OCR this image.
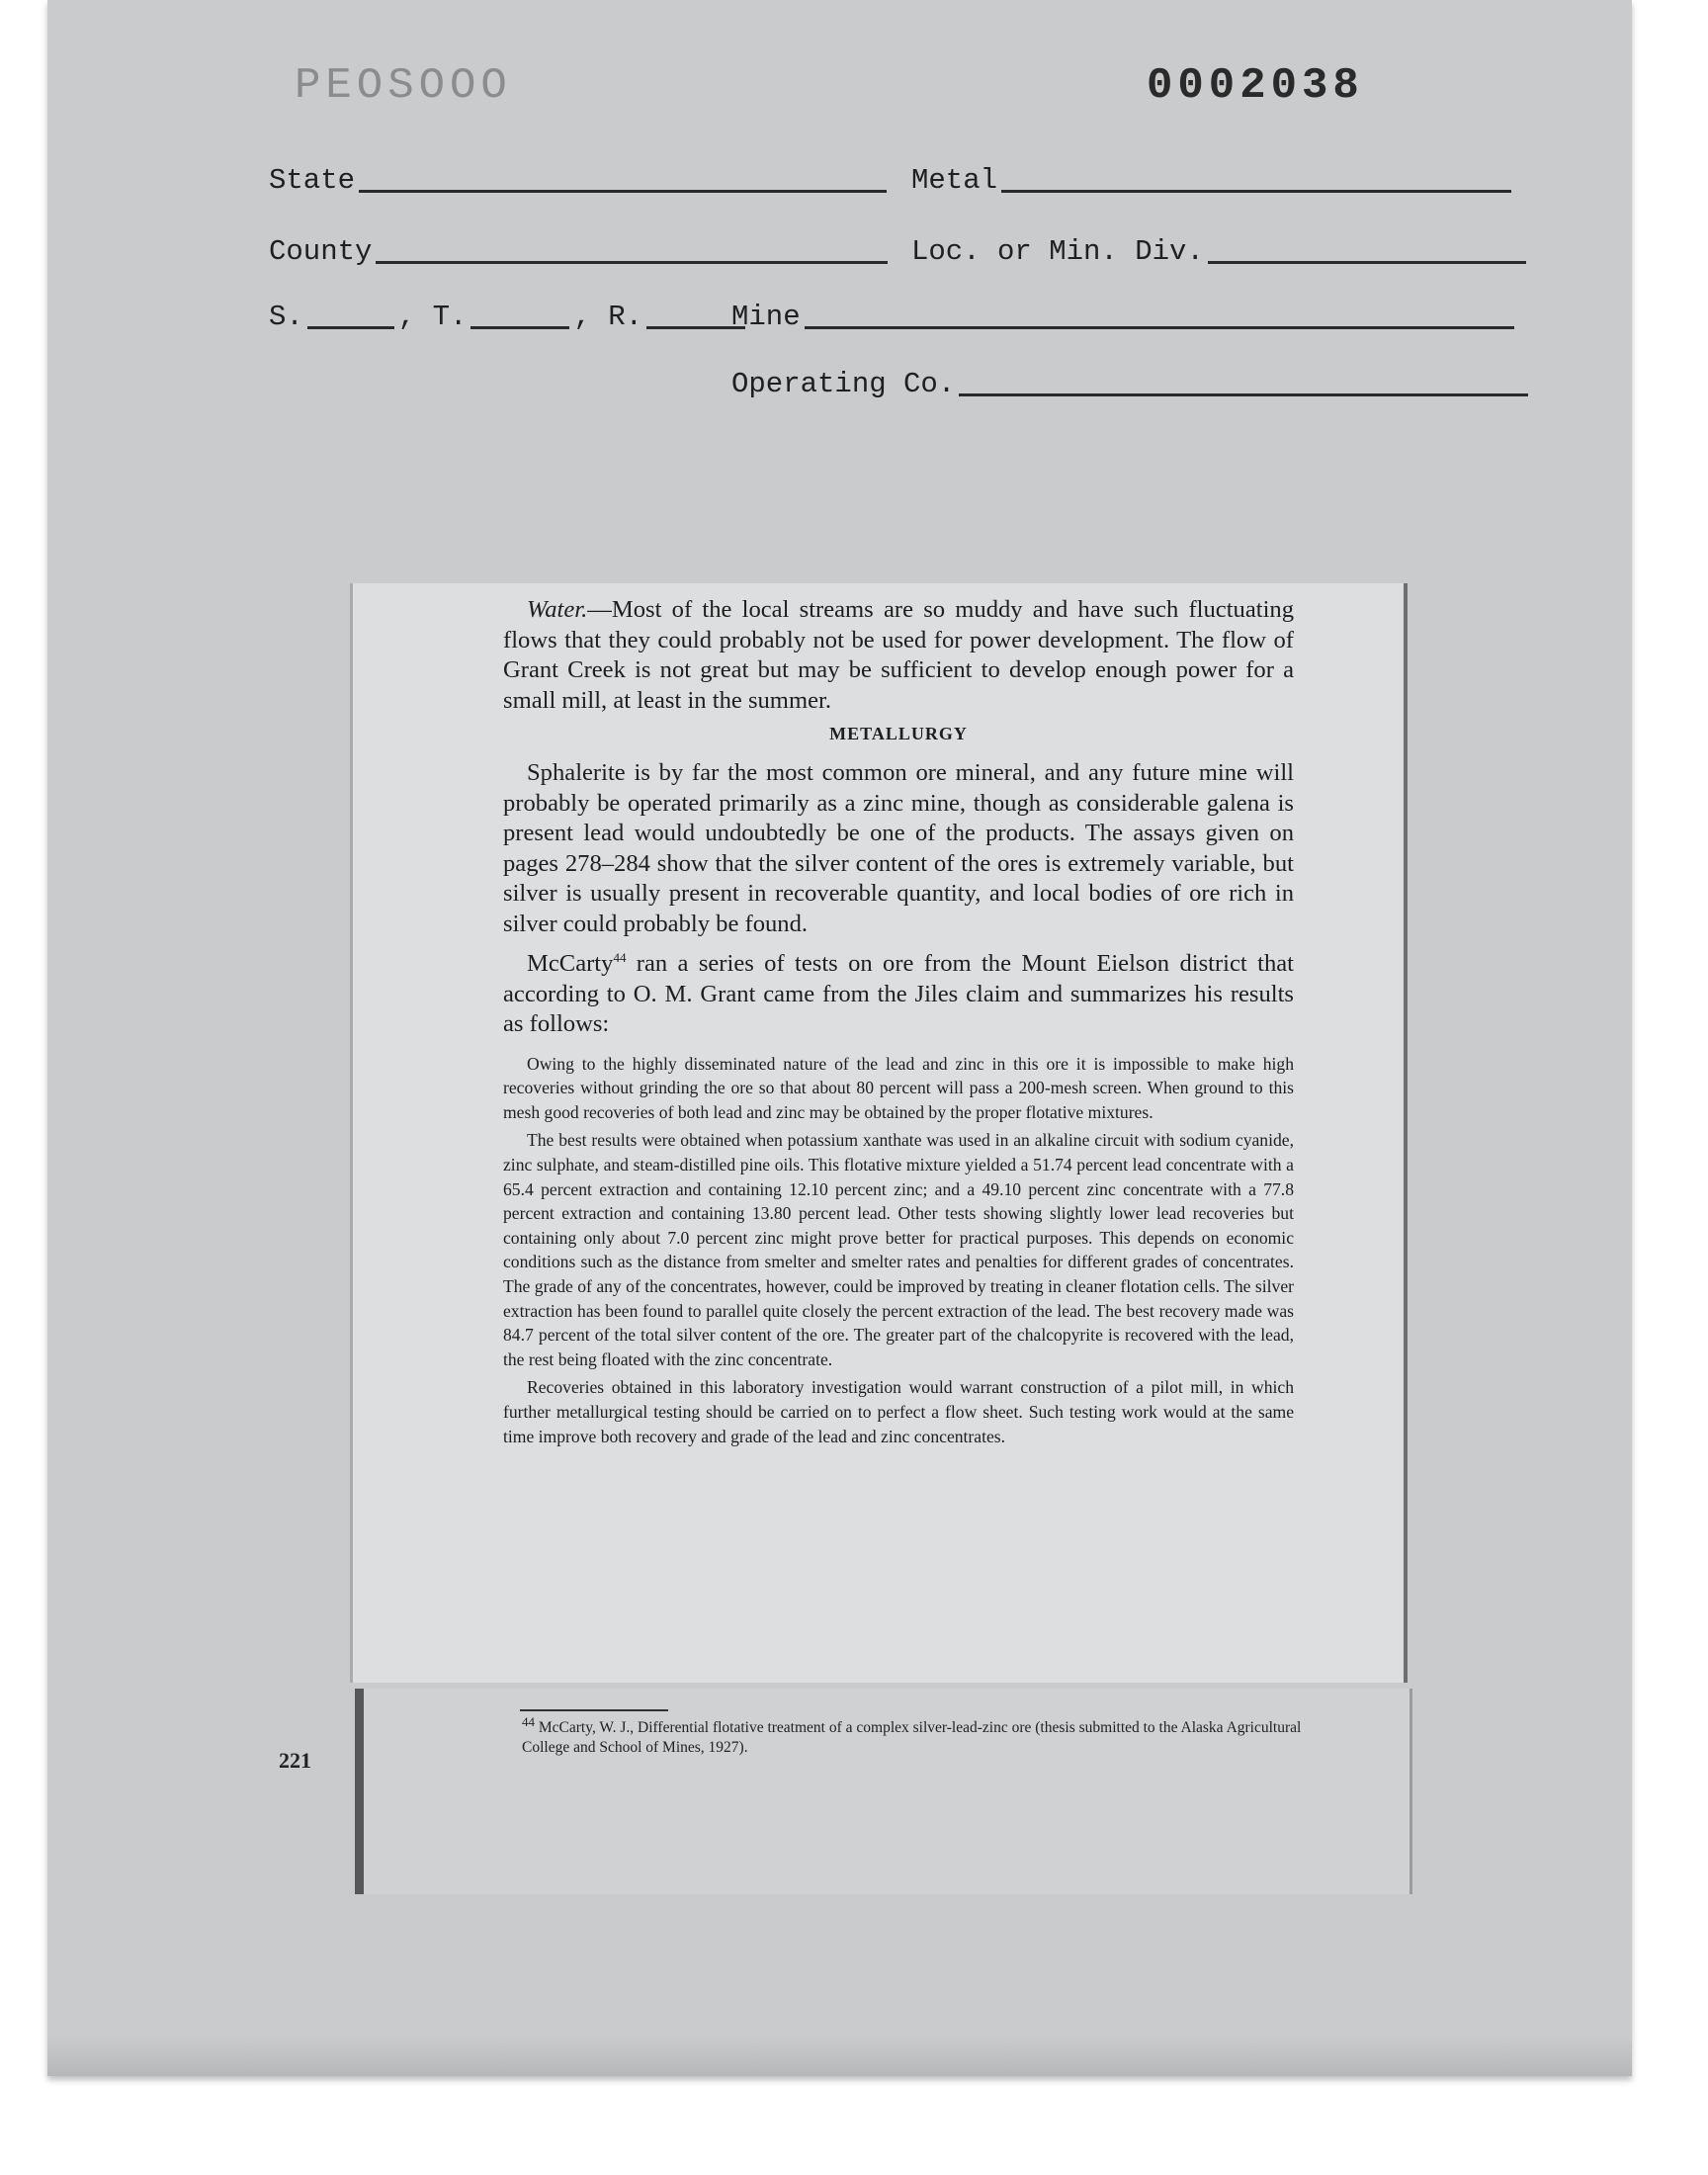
PEOSOOO	0002038
State	Metal
County	Loc. or Min. Div.
S.	, T.	, R.	Mine
Operating Co.

Water.—Most of the local streams are so muddy and have such fluctuating flows that they could probably not be used for power development. The flow of Grant Creek is not great but may be sufficient to develop enough power for a small mill, at least in the summer.

METALLURGY

Sphalerite is by far the most common ore mineral, and any future mine will probably be operated primarily as a zinc mine, though as considerable galena is present lead would undoubtedly be one of the products. The assays given on pages 278–284 show that the silver content of the ores is extremely variable, but silver is usually present in recoverable quantity, and local bodies of ore rich in silver could probably be found.

McCarty$^{44}$ ran a series of tests on ore from the Mount Eielson district that according to O. M. Grant came from the Jiles claim and summarizes his results as follows:

Owing to the highly disseminated nature of the lead and zinc in this ore it is impossible to make high recoveries without grinding the ore so that about 80 percent will pass a 200-mesh screen. When ground to this mesh good recoveries of both lead and zinc may be obtained by the proper flotative mixtures.

The best results were obtained when potassium xanthate was used in an alkaline circuit with sodium cyanide, zinc sulphate, and steam-distilled pine oils. This flotative mixture yielded a 51.74 percent lead concentrate with a 65.4 percent extraction and containing 12.10 percent zinc; and a 49.10 percent zinc concentrate with a 77.8 percent extraction and containing 13.80 percent lead. Other tests showing slightly lower lead recoveries but containing only about 7.0 percent zinc might prove better for practical purposes. This depends on economic conditions such as the distance from smelter and smelter rates and penalties for different grades of concentrates. The grade of any of the concentrates, however, could be improved by treating in cleaner flotation cells. The silver extraction has been found to parallel quite closely the percent extraction of the lead. The best recovery made was 84.7 percent of the total silver content of the ore. The greater part of the chalcopyrite is recovered with the lead, the rest being floated with the zinc concentrate.

Recoveries obtained in this laboratory investigation would warrant construction of a pilot mill, in which further metallurgical testing should be carried on to perfect a flow sheet. Such testing work would at the same time improve both recovery and grade of the lead and zinc concentrates.

$^{44}$ McCarty, W. J., Differential flotative treatment of a complex silver-lead-zinc ore (thesis submitted to the Alaska Agricultural College and School of Mines, 1927).
221
